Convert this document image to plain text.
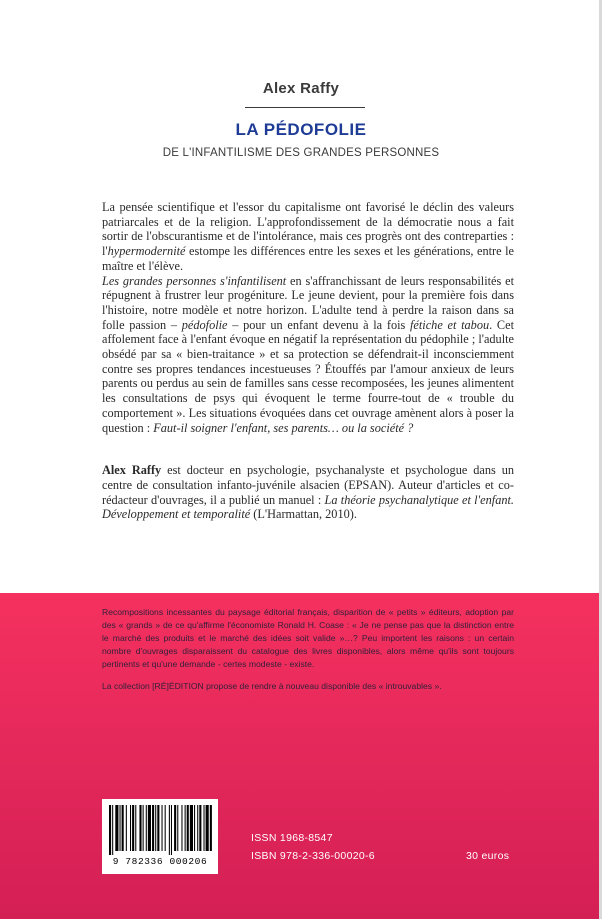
Alex Raffy
LA PÉDOFOLIE
DE L'INFANTILISME DES GRANDES PERSONNES

La pensée scientifique et l'essor du capitalisme ont favorisé le déclin des valeurs patriarcales et de la religion. L'approfondissement de la démocratie nous a fait sortir de l'obscurantisme et de l'intolérance, mais ces progrès ont des contreparties : l'hypermodernité estompe les différences entre les sexes et les générations, entre le maître et l'élève.

Les grandes personnes s'infantilisent en s'affranchissant de leurs responsabilités et répugnent à frustrer leur progéniture. Le jeune devient, pour la première fois dans l'histoire, notre modèle et notre horizon. L'adulte tend à perdre la raison dans sa folle passion – pédofolie – pour un enfant devenu à la fois fétiche et tabou. Cet affolement face à l'enfant évoque en négatif la représentation du pédophile ; l'adulte obsédé par sa « bien-traitance » et sa protection se défendrait-il inconsciemment contre ses propres tendances incestueuses ? Étouffés par l'amour anxieux de leurs parents ou perdus au sein de familles sans cesse recomposées, les jeunes alimentent les consultations de psys qui évoquent le terme fourre-tout de « trouble du comportement ». Les situations évoquées dans cet ouvrage amènent alors à poser la question : Faut-il soigner l'enfant, ses parents… ou la société ?

Alex Raffy est docteur en psychologie, psychanalyste et psychologue dans un centre de consultation infanto-juvénile alsacien (EPSAN). Auteur d'articles et co-rédacteur d'ouvrages, il a publié un manuel : La théorie psychanalytique et l'enfant. Développement et temporalité (L'Harmattan, 2010).

Recompositions incessantes du paysage éditorial français, disparition de « petits » éditeurs, adoption par des « grands » de ce qu'affirme l'économiste Ronald H. Coase : « Je ne pense pas que la distinction entre le marché des produits et le marché des idées soit valide »…? Peu importent les raisons : un certain nombre d'ouvrages disparaissent du catalogue des livres disponibles, alors même qu'ils sont toujours pertinents et qu'une demande - certes modeste - existe.

La collection [RÉ]ÉDITION propose de rendre à nouveau disponible des « introuvables ».

9 782336 000206
ISSN 1968-8547
ISBN 978-2-336-00020-6	30 euros
